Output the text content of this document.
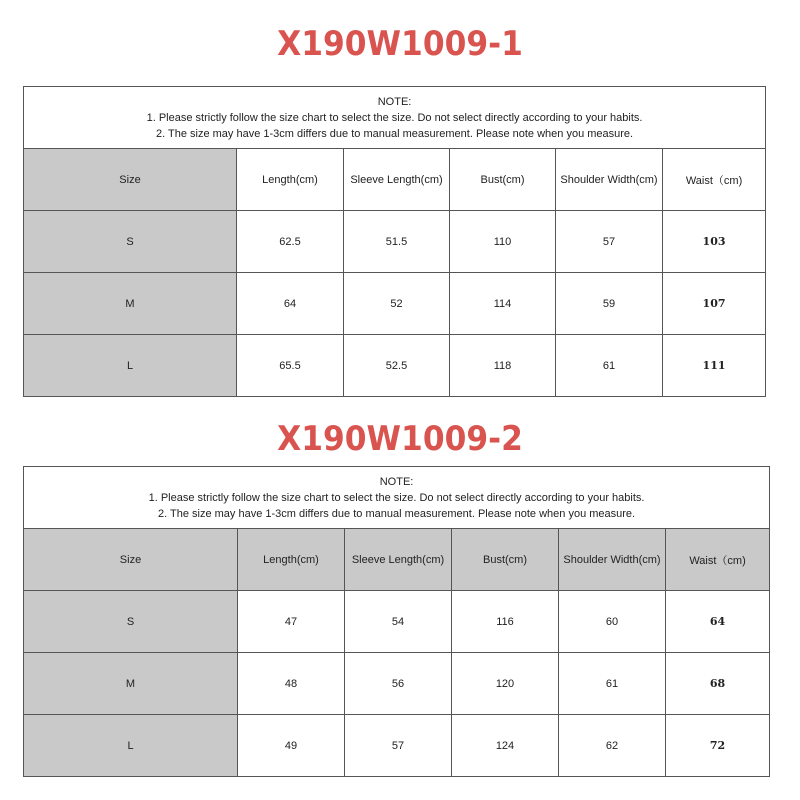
X190W1009-1
NOTE:
1. Please strictly follow the size chart to select the size. Do not select directly according to your habits.
2. The size may have 1-3cm differs due to manual measurement. Please note when you measure.					

Size	Length(cm)	Sleeve Length(cm)	Bust(cm)	Shoulder Width(cm)	Waist（cm)
S	62.5	51.5	110	57	103
M	64	52	114	59	107
L	65.5	52.5	118	61	111
X190W1009-2
NOTE:
1. Please strictly follow the size chart to select the size. Do not select directly according to your habits.
2. The size may have 1-3cm differs due to manual measurement. Please note when you measure.					

Size	Length(cm)	Sleeve Length(cm)	Bust(cm)	Shoulder Width(cm)	Waist（cm)
S	47	54	116	60	64
M	48	56	120	61	68
L	49	57	124	62	72
